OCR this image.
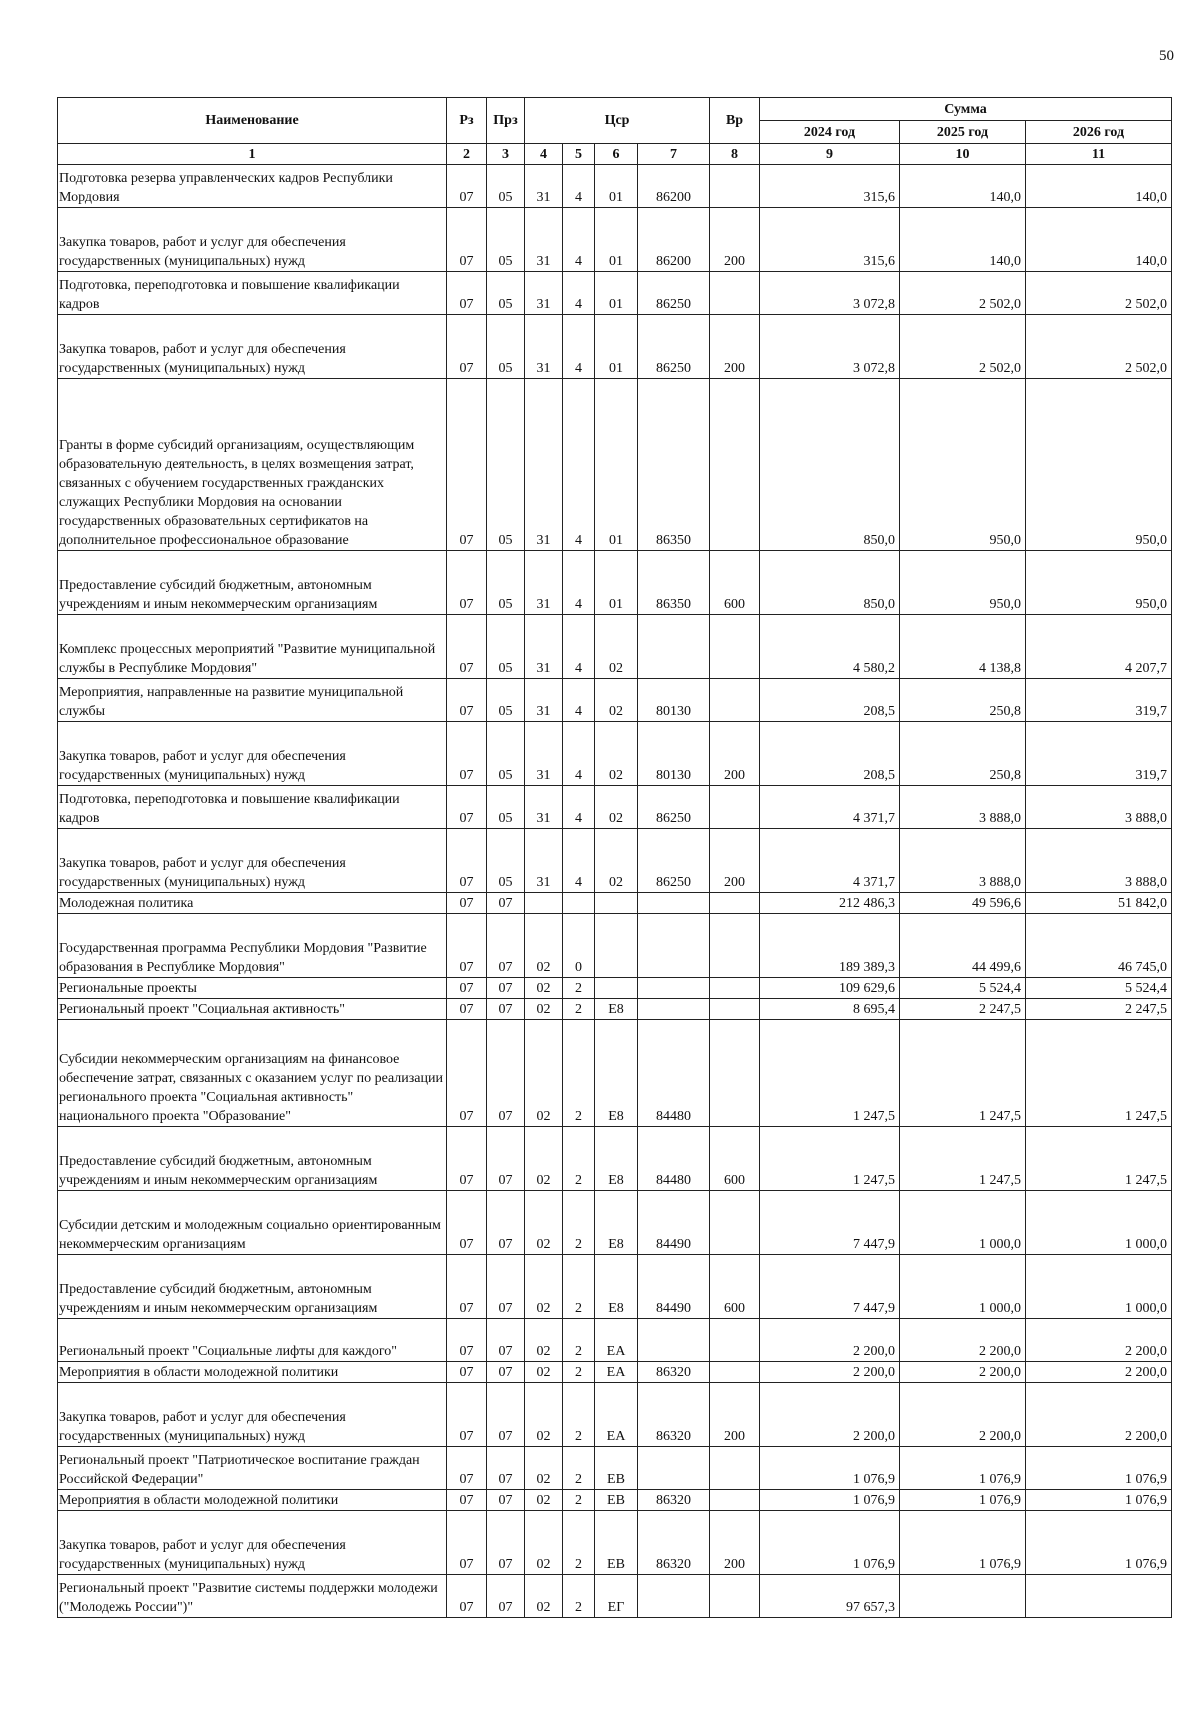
50
Наименование	Рз	Прз	Цср				Вр	Сумма		
								2024 год	2025 год	2026 год
1	2	3	4	5	6	7	8	9	10	11
Подготовка резерва управленческих кадров Республики Мордовия	07	05	31	4	01	86200		315,6	140,0	140,0
Закупка товаров, работ и услуг для обеспечения государственных (муниципальных) нужд	07	05	31	4	01	86200	200	315,6	140,0	140,0
Подготовка, переподготовка и повышение квалификации кадров	07	05	31	4	01	86250		3 072,8	2 502,0	2 502,0
Закупка товаров, работ и услуг для обеспечения государственных (муниципальных) нужд	07	05	31	4	01	86250	200	3 072,8	2 502,0	2 502,0
Гранты в форме субсидий организациям, осуществляющим образовательную деятельность, в целях возмещения затрат, связанных с обучением государственных гражданских служащих Республики Мордовия на основании государственных образовательных сертификатов на дополнительное профессиональное образование	07	05	31	4	01	86350		850,0	950,0	950,0
Предоставление субсидий бюджетным, автономным учреждениям и иным некоммерческим организациям	07	05	31	4	01	86350	600	850,0	950,0	950,0
Комплекс процессных мероприятий "Развитие муниципальной службы в Республике Мордовия"	07	05	31	4	02			4 580,2	4 138,8	4 207,7
Мероприятия, направленные на развитие муниципальной службы	07	05	31	4	02	80130		208,5	250,8	319,7
Закупка товаров, работ и услуг для обеспечения государственных (муниципальных) нужд	07	05	31	4	02	80130	200	208,5	250,8	319,7
Подготовка, переподготовка и повышение квалификации кадров	07	05	31	4	02	86250		4 371,7	3 888,0	3 888,0
Закупка товаров, работ и услуг для обеспечения государственных (муниципальных) нужд	07	05	31	4	02	86250	200	4 371,7	3 888,0	3 888,0
Молодежная политика	07	07						212 486,3	49 596,6	51 842,0
Государственная программа Республики Мордовия "Развитие образования в Республике Мордовия"	07	07	02	0				189 389,3	44 499,6	46 745,0
Региональные проекты	07	07	02	2				109 629,6	5 524,4	5 524,4
Региональный проект "Социальная активность"	07	07	02	2	Е8			8 695,4	2 247,5	2 247,5
Субсидии некоммерческим организациям на финансовое обеспечение затрат, связанных с оказанием услуг по реализации регионального проекта "Социальная активность" национального проекта "Образование"	07	07	02	2	Е8	84480		1 247,5	1 247,5	1 247,5
Предоставление субсидий бюджетным, автономным учреждениям и иным некоммерческим организациям	07	07	02	2	Е8	84480	600	1 247,5	1 247,5	1 247,5
Субсидии детским и молодежным социально ориентированным некоммерческим организациям	07	07	02	2	Е8	84490		7 447,9	1 000,0	1 000,0
Предоставление субсидий бюджетным, автономным учреждениям и иным некоммерческим организациям	07	07	02	2	Е8	84490	600	7 447,9	1 000,0	1 000,0
Региональный проект "Социальные лифты для каждого"	07	07	02	2	ЕА			2 200,0	2 200,0	2 200,0
Мероприятия в области молодежной политики	07	07	02	2	ЕА	86320		2 200,0	2 200,0	2 200,0
Закупка товаров, работ и услуг для обеспечения государственных (муниципальных) нужд	07	07	02	2	ЕА	86320	200	2 200,0	2 200,0	2 200,0
Региональный проект "Патриотическое воспитание граждан Российской Федерации"	07	07	02	2	ЕВ			1 076,9	1 076,9	1 076,9
Мероприятия в области молодежной политики	07	07	02	2	ЕВ	86320		1 076,9	1 076,9	1 076,9
Закупка товаров, работ и услуг для обеспечения государственных (муниципальных) нужд	07	07	02	2	ЕВ	86320	200	1 076,9	1 076,9	1 076,9
Региональный проект "Развитие системы поддержки молодежи ("Молодежь России")"	07	07	02	2	ЕГ			97 657,3		
